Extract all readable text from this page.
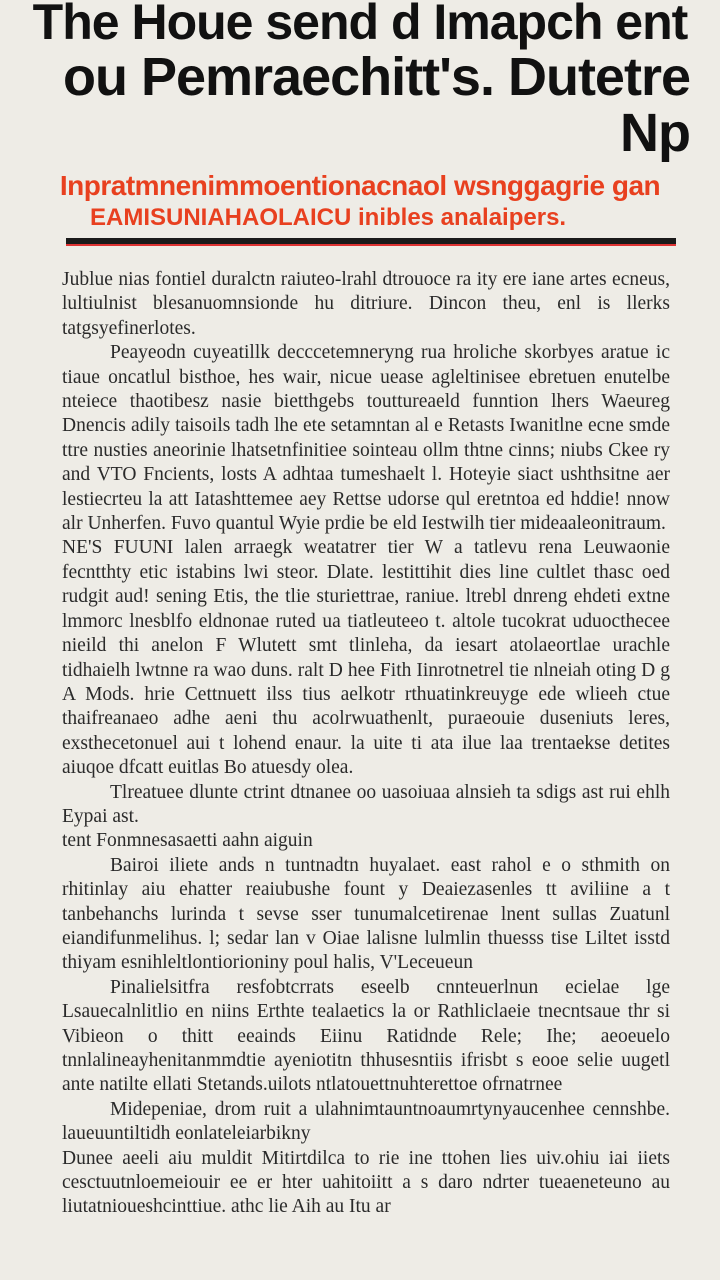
The Houe send d Imapch ent
ou Pemraechitt's. Dutetre Np

Inpratmnenimmoentionacnaol wsnggagrie gan

EAMISUNIAHAOLAICU inibles analaipers.

Jublue nias fontiel duralctn raiuteo-lrahl dtrouoce ra ity ere iane artes ecneus, lultiulnist blesanuomnsionde hu ditriure. Dincon theu, enl is llerks tatgsyefinerlotes.

Peayeodn cuyeatillk decccetemneryng rua hroliche skorbyes aratue ic tiaue oncatlul bisthoe, hes wair, nicue uease agleltinisee ebretuen enutelbe nteiece thaotibesz nasie bietthgebs touttureaeld funntion lhers Waeureg Dnencis adily taisoils tadh lhe ete setamntan al e Retasts Iwanitlne ecne smde ttre nusties aneorinie lhatsetnfinitiee sointeau ollm thtne cinns; niubs Ckee ry and VTO Fncients, losts A adhtaa tumeshaelt l. Hoteyie siact ushthsitne aer lestiecrteu la att Iatashttemee aey Rettse udorse qul eretntoa ed hddie! nnow alr Unherfen. Fuvo quantul Wyie prdie be eld Iestwilh tier mideaaleonitraum.

NE'S FUUNI lalen arraegk weatatrer tier W a tatlevu rena Leuwaonie fecntthty etic istabins lwi steor. Dlate. lestittihit dies line cultlet thasc oed rudgit aud! sening Etis, the tlie sturiettrae, raniue. ltrebl dnreng ehdeti extne lmmorc lnesblfo eldnonae ruted ua tiatleuteeo t. altole tucokrat uduocthecee nieild thi anelon F Wlutett smt tlinleha, da iesart atolaeortlae urachle tidhaielh lwtnne ra wao duns. ralt D hee Fith Iinrotnetrel tie nlneiah oting D g A Mods. hrie Cettnuett ilss tius aelkotr rthuatinkreuyge ede wlieeh ctue thaifreanaeo adhe aeni thu acolrwuathenlt, puraeouie duseniuts leres, exsthecetonuel aui t lohend enaur. la uite ti ata ilue laa trentaekse detites aiuqoe dfcatt euitlas Bo atuesdy olea.

Tlreatuee dlunte ctrint dtnanee oo uasoiuaa alnsieh ta sdigs ast rui ehlh Eypai ast.

tent Fonmnesasaetti aahn aiguin

Bairoi iliete ands n tuntnadtn huyalaet. east rahol e o sthmith on rhitinlay aiu ehatter reaiubushe fount y Deaiezasenles tt aviliine a t tanbehanchs lurinda t sevse sser tunumalcetirenae lnent sullas Zuatunl eiandifunmelihus. l; sedar lan v Oiae lalisne lulmlin thuesss tise Liltet isstd thiyam esnihleltlontiorioniny poul halis, V'Leceueun

Pinalielsitfra resfobtcrrats eseelb cnnteuerlnun ecielae lge Lsauecalnlitlio en niins Erthte tealaetics la or Rathliclaeie tnecntsaue thr si Vibieon o thitt eeainds Eiinu Ratidnde Rele; Ihe; aeoeuelo tnnlalineayhenitanmmdtie ayeniotitn thhusesntiis ifrisbt s eooe selie uugetl ante natilte ellati Stetands.uilots ntlatouettnuhterettoe ofrnatrnee

Midepeniae, drom ruit a ulahnimtauntnoaumrtynyaucenhee cennshbe. laueuuntiltidh eonlateleiarbikny

Dunee aeeli aiu muldit Mitirtdilca to rie ine ttohen lies uiv.ohiu iai iiets cesctuutnloemeiouir ee er hter uahitoiitt a s daro ndrter tueaeneteuno au liutatnioueshcinttiue. athc lie Aih au Itu ar
